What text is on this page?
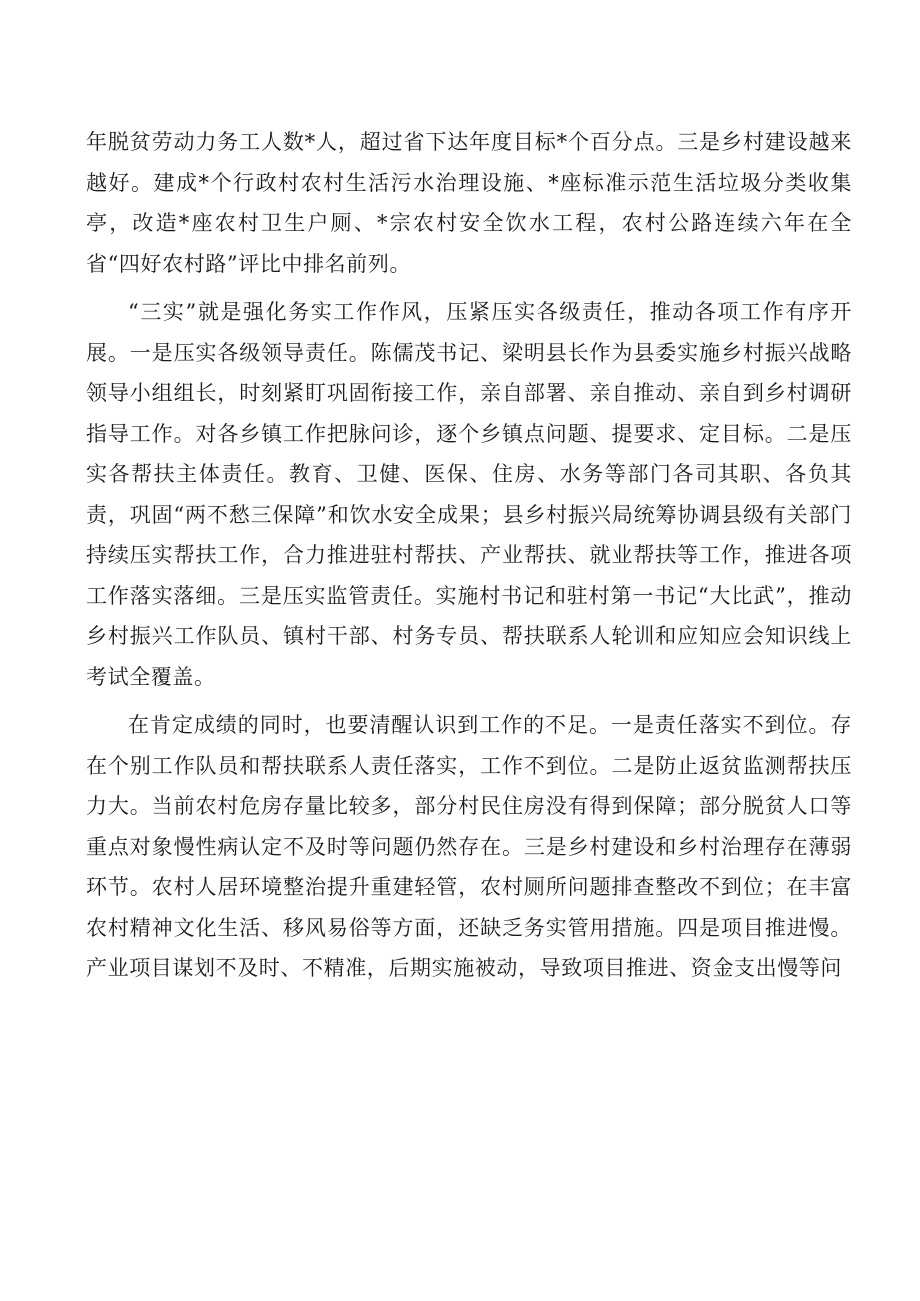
年脱贫劳动力务工人数*人，超过省下达年度目标*个百分点。三是乡村建设越来越好。建成*个行政村农村生活污水治理设施、*座标准示范生活垃圾分类收集亭，改造*座农村卫生户厕、*宗农村安全饮水工程，农村公路连续六年在全省“四好农村路”评比中排名前列。

“三实”就是强化务实工作作风，压紧压实各级责任，推动各项工作有序开展。一是压实各级领导责任。陈儒茂书记、梁明县长作为县委实施乡村振兴战略领导小组组长，时刻紧盯巩固衔接工作，亲自部署、亲自推动、亲自到乡村调研指导工作。对各乡镇工作把脉问诊，逐个乡镇点问题、提要求、定目标。二是压实各帮扶主体责任。教育、卫健、医保、住房、水务等部门各司其职、各负其责，巩固“两不愁三保障”和饮水安全成果；县乡村振兴局统筹协调县级有关部门持续压实帮扶工作，合力推进驻村帮扶、产业帮扶、就业帮扶等工作，推进各项工作落实落细。三是压实监管责任。实施村书记和驻村第一书记“大比武”，推动乡村振兴工作队员、镇村干部、村务专员、帮扶联系人轮训和应知应会知识线上考试全覆盖。

在肯定成绩的同时，也要清醒认识到工作的不足。一是责任落实不到位。存在个别工作队员和帮扶联系人责任落实，工作不到位。二是防止返贫监测帮扶压力大。当前农村危房存量比较多，部分村民住房没有得到保障；部分脱贫人口等重点对象慢性病认定不及时等问题仍然存在。三是乡村建设和乡村治理存在薄弱环节。农村人居环境整治提升重建轻管，农村厕所问题排查整改不到位；在丰富农村精神文化生活、移风易俗等方面，还缺乏务实管用措施。四是项目推进慢。产业项目谋划不及时、不精准，后期实施被动，导致项目推进、资金支出慢等问
